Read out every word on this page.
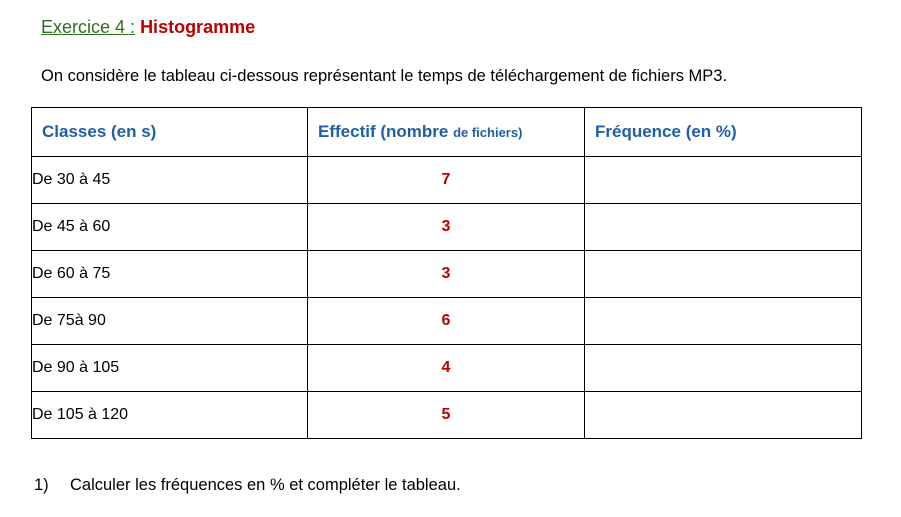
Exercice 4 : Histogramme
On considère le tableau ci-dessous représentant le temps de téléchargement de fichiers MP3.
Classes (en s)	Effectif (nombre de fichiers)	Fréquence (en %)
De 30 à 45	7	
De 45 à 60	3	
De 60 à 75	3	
De 75à 90	6	
De 90 à 105	4	
De 105 à 120	5	
1) Calculer les fréquences en % et compléter le tableau.
